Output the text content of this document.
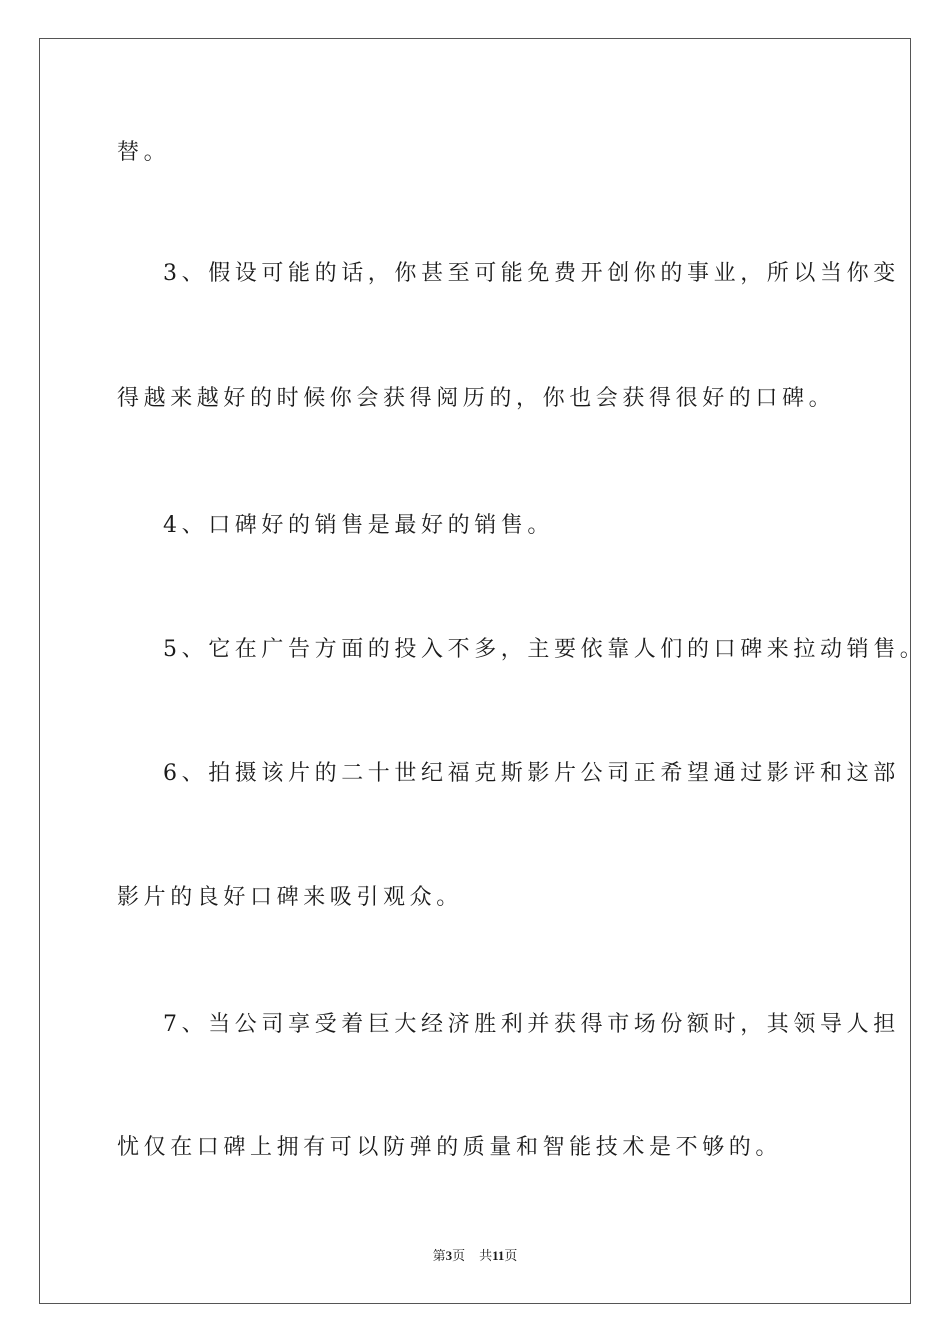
替。

3、假设可能的话，你甚至可能免费开创你的事业，所以当你变

得越来越好的时候你会获得阅历的，你也会获得很好的口碑。

4、口碑好的销售是最好的销售。

5、它在广告方面的投入不多，主要依靠人们的口碑来拉动销售。

6、拍摄该片的二十世纪福克斯影片公司正希望通过影评和这部

影片的良好口碑来吸引观众。

7、当公司享受着巨大经济胜利并获得市场份额时，其领导人担

忧仅在口碑上拥有可以防弹的质量和智能技术是不够的。

第3页 共11页
